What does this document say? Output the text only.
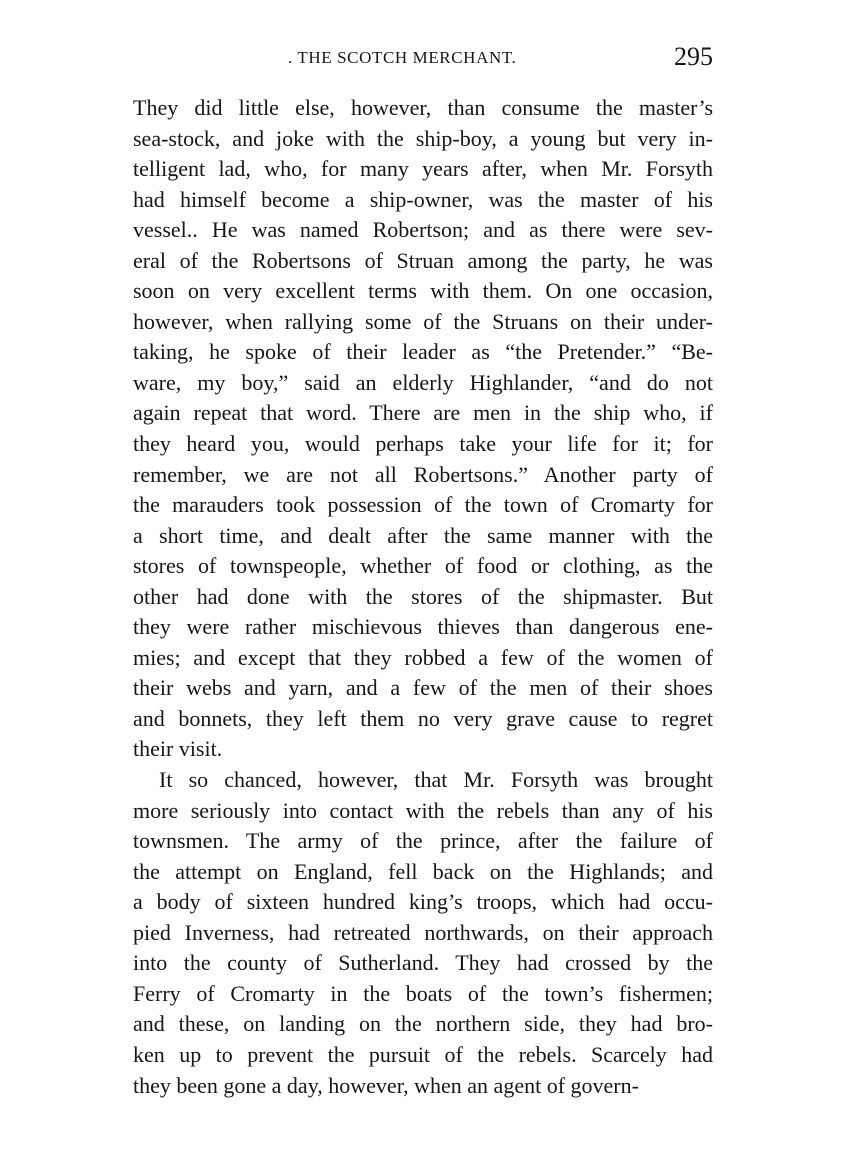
. THE SCOTCH MERCHANT.	295
They did little else, however, than consume the master’s
sea-stock, and joke with the ship-boy, a young but very in-
telligent lad, who, for many years after, when Mr. Forsyth
had himself become a ship-owner, was the master of his
vessel.. He was named Robertson; and as there were sev-
eral of the Robertsons of Struan among the party, he was
soon on very excellent terms with them. On one occasion,
however, when rallying some of the Struans on their under-
taking, he spoke of their leader as “the Pretender.” “Be-
ware, my boy,” said an elderly Highlander, “and do not
again repeat that word. There are men in the ship who, if
they heard you, would perhaps take your life for it; for
remember, we are not all Robertsons.” Another party of
the marauders took possession of the town of Cromarty for
a short time, and dealt after the same manner with the
stores of townspeople, whether of food or clothing, as the
other had done with the stores of the shipmaster. But
they were rather mischievous thieves than dangerous ene-
mies; and except that they robbed a few of the women of
their webs and yarn, and a few of the men of their shoes
and bonnets, they left them no very grave cause to regret
their visit.
It so chanced, however, that Mr. Forsyth was brought
more seriously into contact with the rebels than any of his
townsmen. The army of the prince, after the failure of
the attempt on England, fell back on the Highlands; and
a body of sixteen hundred king’s troops, which had occu-
pied Inverness, had retreated northwards, on their approach
into the county of Sutherland. They had crossed by the
Ferry of Cromarty in the boats of the town’s fishermen;
and these, on landing on the northern side, they had bro-
ken up to prevent the pursuit of the rebels. Scarcely had
they been gone a day, however, when an agent of govern-
